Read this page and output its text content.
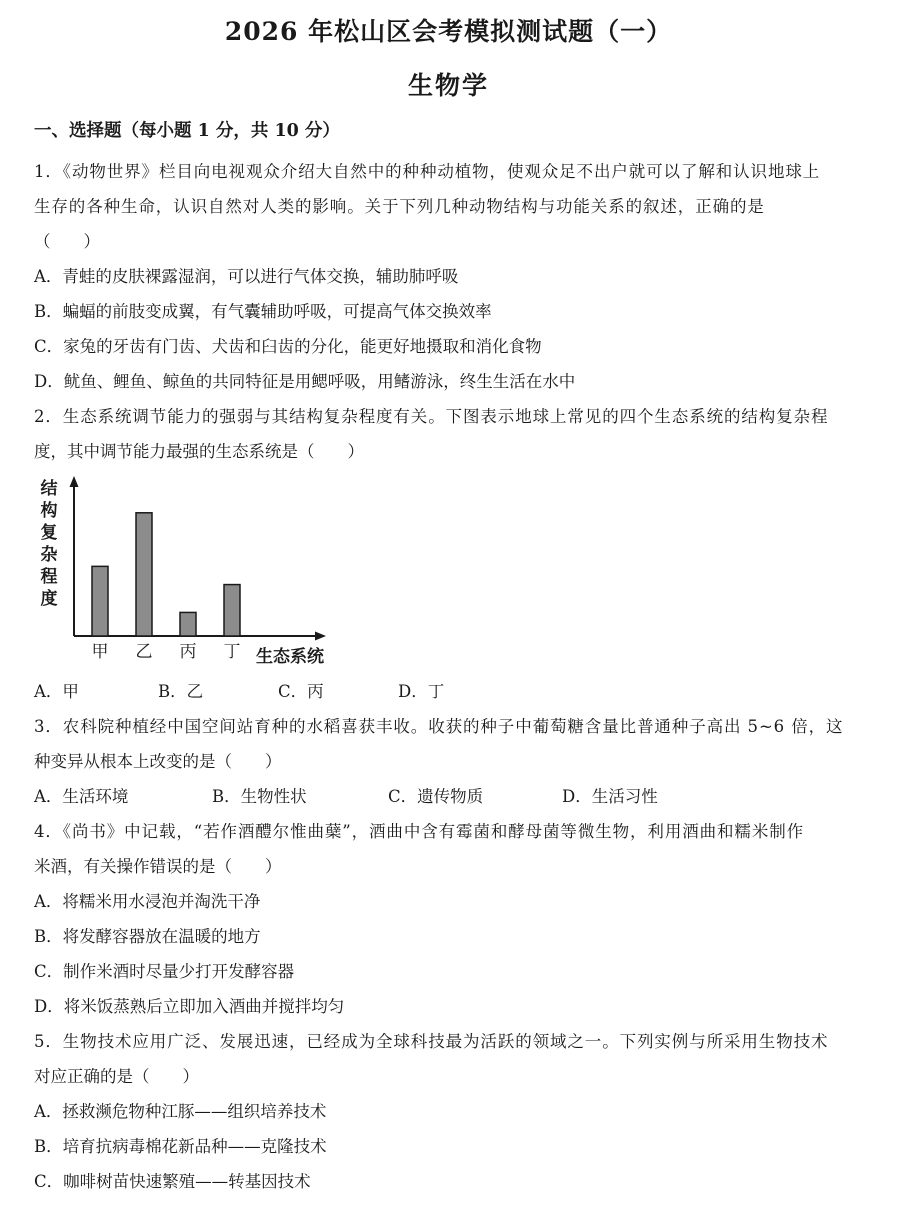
2026 年松山区会考模拟测试题（一）
生物学
一、选择题（每小题 1 分，共 10 分）
1．《动物世界》栏目向电视观众介绍大自然中的种种动植物，使观众足不出户就可以了解和认识地球上
生存的各种生命，认识自然对人类的影响。关于下列几种动物结构与功能关系的叙述，正确的是
（　　）
A．青蛙的皮肤裸露湿润，可以进行气体交换，辅助肺呼吸
B．蝙蝠的前肢变成翼，有气囊辅助呼吸，可提高气体交换效率
C．家兔的牙齿有门齿、犬齿和臼齿的分化，能更好地摄取和消化食物
D．鱿鱼、鲤鱼、鲸鱼的共同特征是用鳃呼吸，用鳍游泳，终生生活在水中
2．生态系统调节能力的强弱与其结构复杂程度有关。下图表示地球上常见的四个生态系统的结构复杂程
度，其中调节能力最强的生态系统是（　　）
结构复杂程度
甲	乙	丙	丁 生态系统
A．甲	B．乙	C．丙	D．丁
3．农科院种植经中国空间站育种的水稻喜获丰收。收获的种子中葡萄糖含量比普通种子高出 5~6 倍，这
种变异从根本上改变的是（　　）
A．生活环境	B．生物性状	C．遗传物质	D．生活习性
4．《尚书》中记载，“若作酒醴尔惟曲蘖”，酒曲中含有霉菌和酵母菌等微生物，利用酒曲和糯米制作
米酒，有关操作错误的是（　　）
A．将糯米用水浸泡并淘洗干净
B．将发酵容器放在温暖的地方
C．制作米酒时尽量少打开发酵容器
D．将米饭蒸熟后立即加入酒曲并搅拌均匀
5．生物技术应用广泛、发展迅速，已经成为全球科技最为活跃的领域之一。下列实例与所采用生物技术
对应正确的是（　　）
A．拯救濒危物种江豚——组织培养技术
B．培育抗病毒棉花新品种——克隆技术
C．咖啡树苗快速繁殖——转基因技术
